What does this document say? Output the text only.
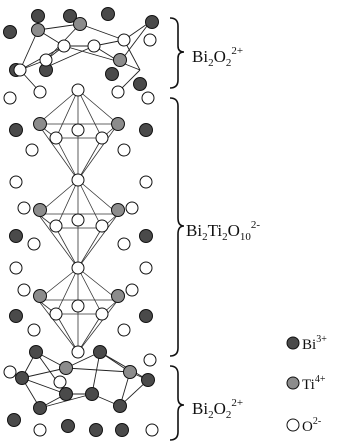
$Bi_2O_2^{2+}$
$Bi_2Ti_2O_{10}^{2-}$
$Bi_2O_2^{2+}$
$Bi^{3+}$
$Ti^{4+}$
$O^{2-}$
